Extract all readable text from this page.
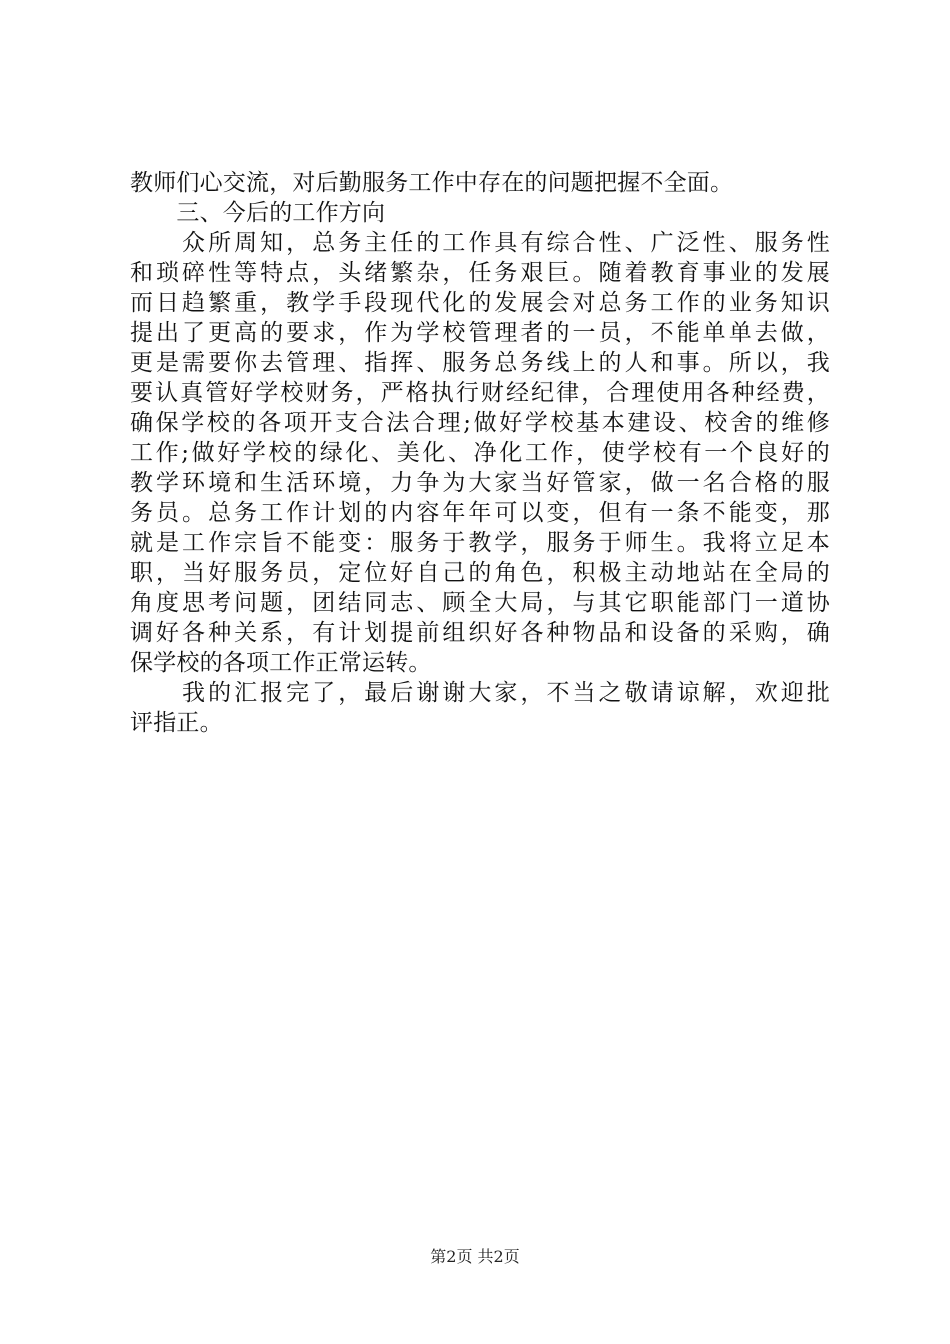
教师们心交流，对后勤服务工作中存在的问题把握不全面。
　　三、今后的工作方向
　　众所周知，总务主任的工作具有综合性、广泛性、服务性
和琐碎性等特点，头绪繁杂，任务艰巨。随着教育事业的发展
而日趋繁重，教学手段现代化的发展会对总务工作的业务知识
提出了更高的要求，作为学校管理者的一员，不能单单去做，
更是需要你去管理、指挥、服务总务线上的人和事。所以，我
要认真管好学校财务，严格执行财经纪律，合理使用各种经费，
确保学校的各项开支合法合理;做好学校基本建设、校舍的维修
工作;做好学校的绿化、美化、净化工作，使学校有一个良好的
教学环境和生活环境，力争为大家当好管家，做一名合格的服
务员。总务工作计划的内容年年可以变，但有一条不能变，那
就是工作宗旨不能变：服务于教学，服务于师生。我将立足本
职，当好服务员，定位好自己的角色，积极主动地站在全局的
角度思考问题，团结同志、顾全大局，与其它职能部门一道协
调好各种关系，有计划提前组织好各种物品和设备的采购，确
保学校的各项工作正常运转。
　　我的汇报完了，最后谢谢大家，不当之敬请谅解，欢迎批
评指正。
第2页 共2页
